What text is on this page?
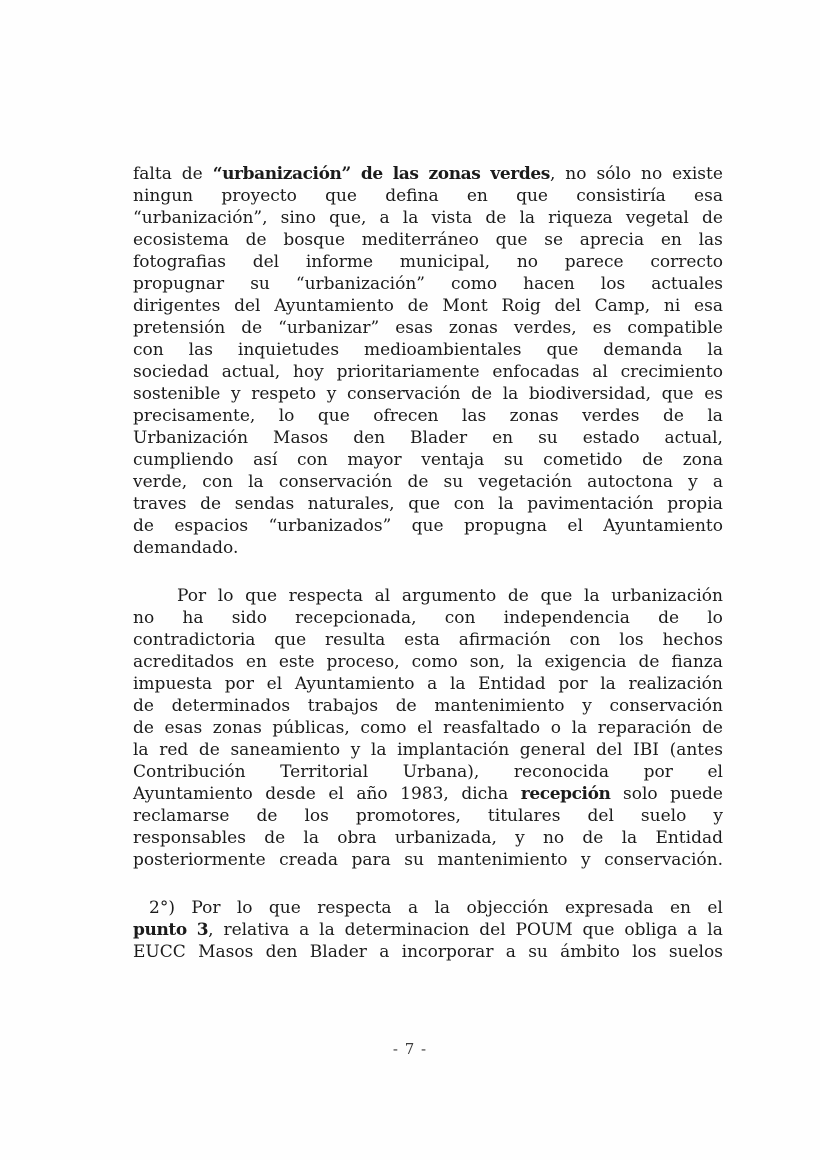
falta de “urbanización” de las zonas verdes, no sólo no existe
ningun proyecto que defina en que consistiría esa
“urbanización”, sino que, a la vista de la riqueza vegetal de
ecosistema de bosque mediterráneo que se aprecia en las
fotografias del informe municipal, no parece correcto
propugnar su “urbanización” como hacen los actuales
dirigentes del Ayuntamiento de Mont Roig del Camp, ni esa
pretensión de “urbanizar” esas zonas verdes, es compatible
con las inquietudes medioambientales que demanda la
sociedad actual, hoy prioritariamente enfocadas al crecimiento
sostenible y respeto y conservación de la biodiversidad, que es
precisamente, lo que ofrecen las zonas verdes de la
Urbanización Masos den Blader en su estado actual,
cumpliendo así con mayor ventaja su cometido de zona
verde, con la conservación de su vegetación autoctona y a
traves de sendas naturales, que con la pavimentación propia
de espacios “urbanizados” que propugna el Ayuntamiento
demandado.
Por lo que respecta al argumento de que la urbanización
no ha sido recepcionada, con independencia de lo
contradictoria que resulta esta afirmación con los hechos
acreditados en este proceso, como son, la exigencia de fianza
impuesta por el Ayuntamiento a la Entidad por la realización
de determinados trabajos de mantenimiento y conservación
de esas zonas públicas, como el reasfaltado o la reparación de
la red de saneamiento y la implantación general del IBI (antes
Contribución Territorial Urbana), reconocida por el
Ayuntamiento desde el año 1983, dicha recepción solo puede
reclamarse de los promotores, titulares del suelo y
responsables de la obra urbanizada, y no de la Entidad
posteriormente creada para su mantenimiento y conservación.
2°) Por lo que respecta a la objección expresada en el
punto 3, relativa a la determinacion del POUM que obliga a la
EUCC Masos den Blader a incorporar a su ámbito los suelos
- 7 -
